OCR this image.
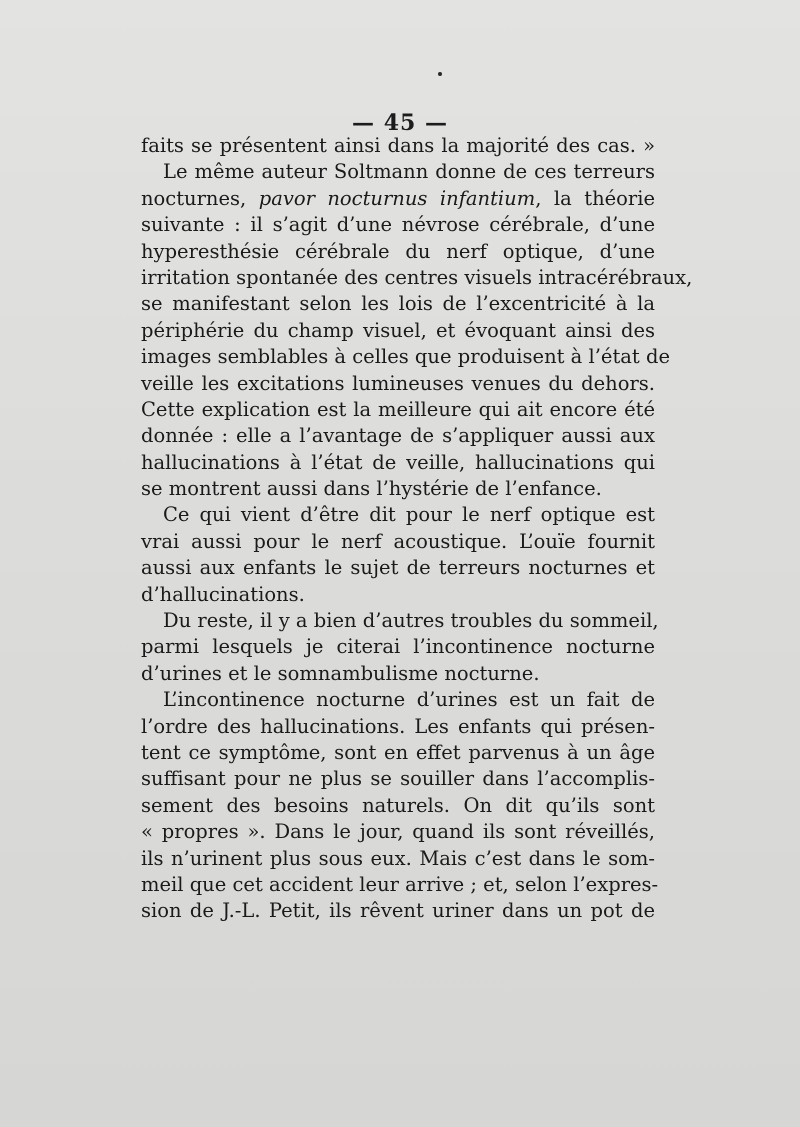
— 45 —
faits se présentent ainsi dans la majorité des cas. »
Le même auteur Soltmann donne de ces terreurs
nocturnes, pavor nocturnus infantium, la théorie
suivante : il s’agit d’une névrose cérébrale, d’une
hyperesthésie cérébrale du nerf optique, d’une
irritation spontanée des centres visuels intracérébraux,
se manifestant selon les lois de l’excentricité à la
périphérie du champ visuel, et évoquant ainsi des
images semblables à celles que produisent à l’état de
veille les excitations lumineuses venues du dehors.
Cette explication est la meilleure qui ait encore été
donnée : elle a l’avantage de s’appliquer aussi aux
hallucinations à l’état de veille, hallucinations qui
se montrent aussi dans l’hystérie de l’enfance.
Ce qui vient d’être dit pour le nerf optique est
vrai aussi pour le nerf acoustique. L’ouïe fournit
aussi aux enfants le sujet de terreurs nocturnes et
d’hallucinations.
Du reste, il y a bien d’autres troubles du sommeil,
parmi lesquels je citerai l’incontinence nocturne
d’urines et le somnambulisme nocturne.
L’incontinence nocturne d’urines est un fait de
l’ordre des hallucinations. Les enfants qui présen-
tent ce symptôme, sont en effet parvenus à un âge
suffisant pour ne plus se souiller dans l’accomplis-
sement des besoins naturels. On dit qu’ils sont
« propres ». Dans le jour, quand ils sont réveillés,
ils n’urinent plus sous eux. Mais c’est dans le som-
meil que cet accident leur arrive ; et, selon l’expres-
sion de J.-L. Petit, ils rêvent uriner dans un pot de
